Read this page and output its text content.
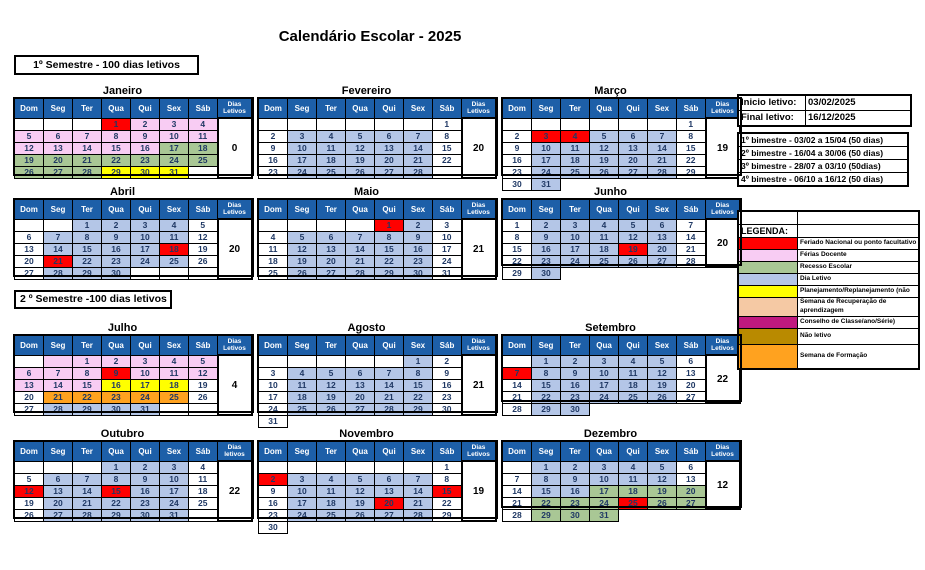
Calendário Escolar - 2025
1º Semestre - 100 dias letivos
2 º Semestre -100 dias letivos
Janeiro
Dom	Seg	Ter	Qua	Qui	Sex	Sáb	Dias
Letivos
			1	2	3	4	0
5	6	7	8	9	10	11	
12	13	14	15	16	17	18	
19	20	21	22	23	24	25	
26	27	28	29	30	31		
Fevereiro
Dom	Seg	Ter	Qua	Qui	Sex	Sáb	Dias
Letivos
						1	20
2	3	4	5	6	7	8	
9	10	11	12	13	14	15	
16	17	18	19	20	21	22	
23	24	25	26	27	28		
Março
Dom	Seg	Ter	Qua	Qui	Sex	Sáb	Dias
Letivos
						1	19
2	3	4	5	6	7	8	
9	10	11	12	13	14	15	
16	17	18	19	20	21	22	
23	24	25	26	27	28	29	
30	31						
Abril
Dom	Seg	Ter	Qua	Qui	Sex	Sáb	Dias
Letivos
		1	2	3	4	5	20
6	7	8	9	10	11	12	
13	14	15	16	17	18	19	
20	21	22	23	24	25	26	
27	28	29	30				
Maio
Dom	Seg	Ter	Qua	Qui	Sex	Sáb	Dias
Letivos
				1	2	3	21
4	5	6	7	8	9	10	
11	12	13	14	15	16	17	
18	19	20	21	22	23	24	
25	26	27	28	29	30	31	
Junho
Dom	Seg	Ter	Qua	Qui	Sex	Sáb	Dias
Letivos
1	2	3	4	5	6	7	20
8	9	10	11	12	13	14	
15	16	17	18	19	20	21	
22	23	24	25	26	27	28	
29	30						
Julho
Dom	Seg	Ter	Qua	Qui	Sex	Sáb	Dias
Letivos
		1	2	3	4	5	4
6	7	8	9	10	11	12	
13	14	15	16	17	18	19	
20	21	22	23	24	25	26	
27	28	29	30	31			
Agosto
Dom	Seg	Ter	Qua	Qui	Sex	Sáb	Dias
Letivos
					1	2	21
3	4	5	6	7	8	9	
10	11	12	13	14	15	16	
17	18	19	20	21	22	23	
24	25	26	27	28	29	30	
31							
Setembro
Dom	Seg	Ter	Qua	Qui	Sex	Sáb	Dias
Letivos
	1	2	3	4	5	6	22
7	8	9	10	11	12	13	
14	15	16	17	18	19	20	
21	22	23	24	25	26	27	
28	29	30					
Outubro
Dom	Seg	Ter	Qua	Qui	Sex	Sáb	Dias
letivos
			1	2	3	4	22
5	6	7	8	9	10	11	
12	13	14	15	16	17	18	
19	20	21	22	23	24	25	
26	27	28	29	30	31		
Novembro
Dom	Seg	Ter	Qua	Qui	Sex	Sáb	Dias
Letivos
						1	19
2	3	4	5	6	7	8	
9	10	11	12	13	14	15	
16	17	18	19	20	21	22	
23	24	25	26	27	28	29	
30							
Dezembro
Dom	Seg	Ter	Qua	Qui	Sex	Sáb	Dias
Letivos
	1	2	3	4	5	6	12
7	8	9	10	11	12	13	
14	15	16	17	18	19	20	
21	22	23	24	25	26	27	
28	29	30	31				
Inicio letivo:	03/02/2025
Final letivo:	16/12/2025
1º bimestre - 03/02 a 15/04 (50 dias)
2º bimestre - 16/04 a 30/06 (50 dias)
3º bimestre - 28/07 a 03/10 (50dias)
4º bimestre - 06/10 a 16/12 (50 dias)

LEGENDA:	
	Feriado Nacional ou ponto facultativo
	Férias Docente
	Recesso Escolar
	Dia Letivo
	Planejamento/Replanejamento (não
	Semana de Recuperação de
aprendizagem
	Conselho de Classe/ano/Série)
	Não letivo
	Semana de Formação
